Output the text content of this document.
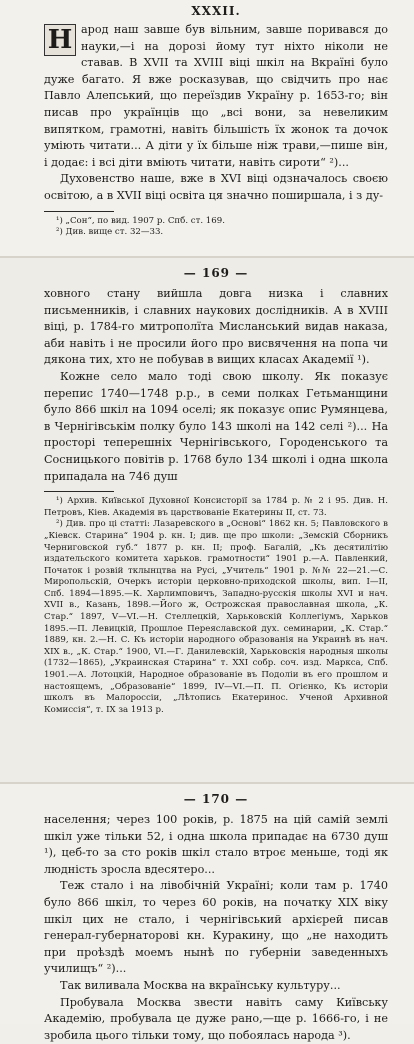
XXXII.

Н арод наш завше був вільним, завше поривався до науки,—і на дорозі йому тут ніхто ніколи не ставав. В XVII та XVIII віці шкіл на Вкраїні було дуже багато. Я вже росказував, що свідчить про нає Павло Алепський, що переїздив Україну р. 1653-го; він писав про українців що „всі вони, за невеликим випятком, грамотні, навіть більшість їх жонок та дочок уміють читати... А діти у їх більше ніж трави,—пише він, і додає: і всі діти вміють читати, навіть сироти“ ²)...

Духовенство наше, вже в XVI віці одзначалось своєю освітою, а в XVII віці освіта ця значно поширшала, і з ду-

¹) „Сон“, по вид. 1907 р. Спб. ст. 169.

²) Див. вище ст. 32—33.

— 169 —

ховного стану вийшла довга низка і славних письменників, і славних наукових дослідників. А в XVIII віці, р. 1784-го митрополїта Мисланський видав наказа, аби навіть і не просили його про висвячення на попа чи дяконa тих, хто не побував в вищих класах Академії ¹).

Кожне село мало тоді свою школу. Як показує перепис 1740—1748 р.р., в семи полках Гетьманщини було 866 шкіл на 1094 оселі; як показує опис Румянцева, в Чернігівськім полку було 143 школі на 142 селі ²)... На просторі теперешніх Чернігівського, Городенського та Сосницького повітів р. 1768 було 134 школі і одна школа припадала на 746 душ

¹) Архив. Київської Духовної Консисторії за 1784 р. № 2 і 95. Див. Н. Петровъ, Кіев. Академія въ царствованіе Екатерины II, ст. 73.

²) Див. про ці статті: Лазаревского в „Основі“ 1862 кн. 5; Павловского в „Кіевск. Старина“ 1904 р. кн. I; див. ще про школи: „Земскій Сборникъ Черниговской губ.“ 1877 р. кн. II; проф. Багалій, „Къ десятилітію издательского комитета харьков. грамотности“ 1901 р.—А. Павленкий, Початок і розвій тклынцтва на Русі, „Учитель“ 1901 р. №№ 22—21.—С. Миропольскій, Очеркъ исторіи церковно-приходской школы, вип. I—II, Спб. 1894—1895.—К. Харлимповичъ, Западно-русскія школы XVI и нач. XVII в., Казань, 1898.—Його ж, Острожская православная школа, „К. Стар.“ 1897, V—VI.—Н. Стеллецкій, Харьковскій Коллегіумъ, Харьков 1895.—П. Левицкій, Прошлое Переяславской дух. семинарии, „К. Стар.“ 1889, кн. 2.—Н. С. Къ исторіи народного образованія на Украинѣ въ нач. XIX в., „К. Стар.“ 1900, VI.—Г. Данилевскій, Харьковскія народныя школы (1732—1865), „Украинская Старина“ т. XXI собр. соч. изд. Маркса, Спб. 1901.—А. Лотоцкій, Народное образованіе въ Подоліи въ его прошлом и настоящемъ, „Образованіе“ 1899, IV—VI.—П. П. Огієнко, Къ исторіи школъ въ Малороссіи, „Лѣтопись Екатеринос. Ученой Архивной Комиссія“, т. IX за 1913 р.

— 170 —

населення; через 100 років, р. 1875 на цій самій землі шкіл уже тільки 52, і одна школа припадає на 6730 душ ¹), цеб-то за сто років шкіл стало втроє меньше, тоді як людність зросла вдесятеро...

Теж стало і на лівобічній Україні; коли там р. 1740 було 866 шкіл, то через 60 років, на початку XIX віку шкіл цих не стало, і чернігівський архієрей писав генерал-губернаторові кн. Куракину, що „не находить при проѣздѣ моемъ нынѣ по губерніи заведенныхъ училищъ“ ²)...

Так виливала Москва на вкраїнську культуру...

Пробувала Москва звести навіть саму Київську Академію, пробувала це дуже рано,—ще р. 1666-го, і не зробила цього тільки тому, що побоялась народа ³).
